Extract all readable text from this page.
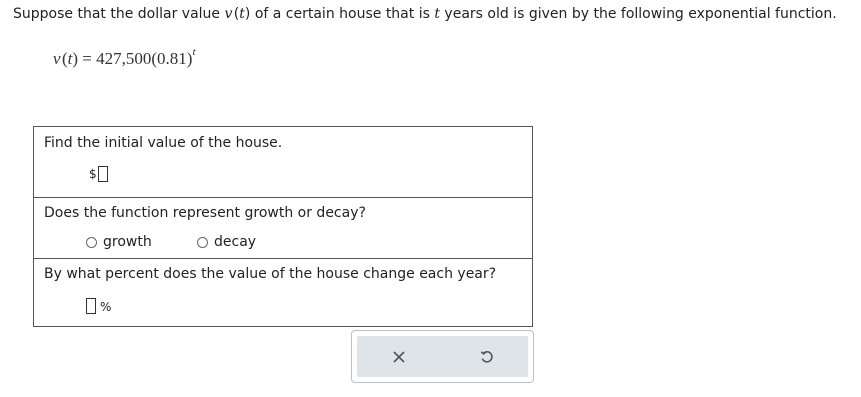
Suppose that the dollar value v (t) of a certain house that is t years old is given by the following exponential function.
v $(t) = 427,500(0.81)^t$
Find the initial value of the house.
$
Does the function represent growth or decay?
growth	decay
By what percent does the value of the house change each year?
%
